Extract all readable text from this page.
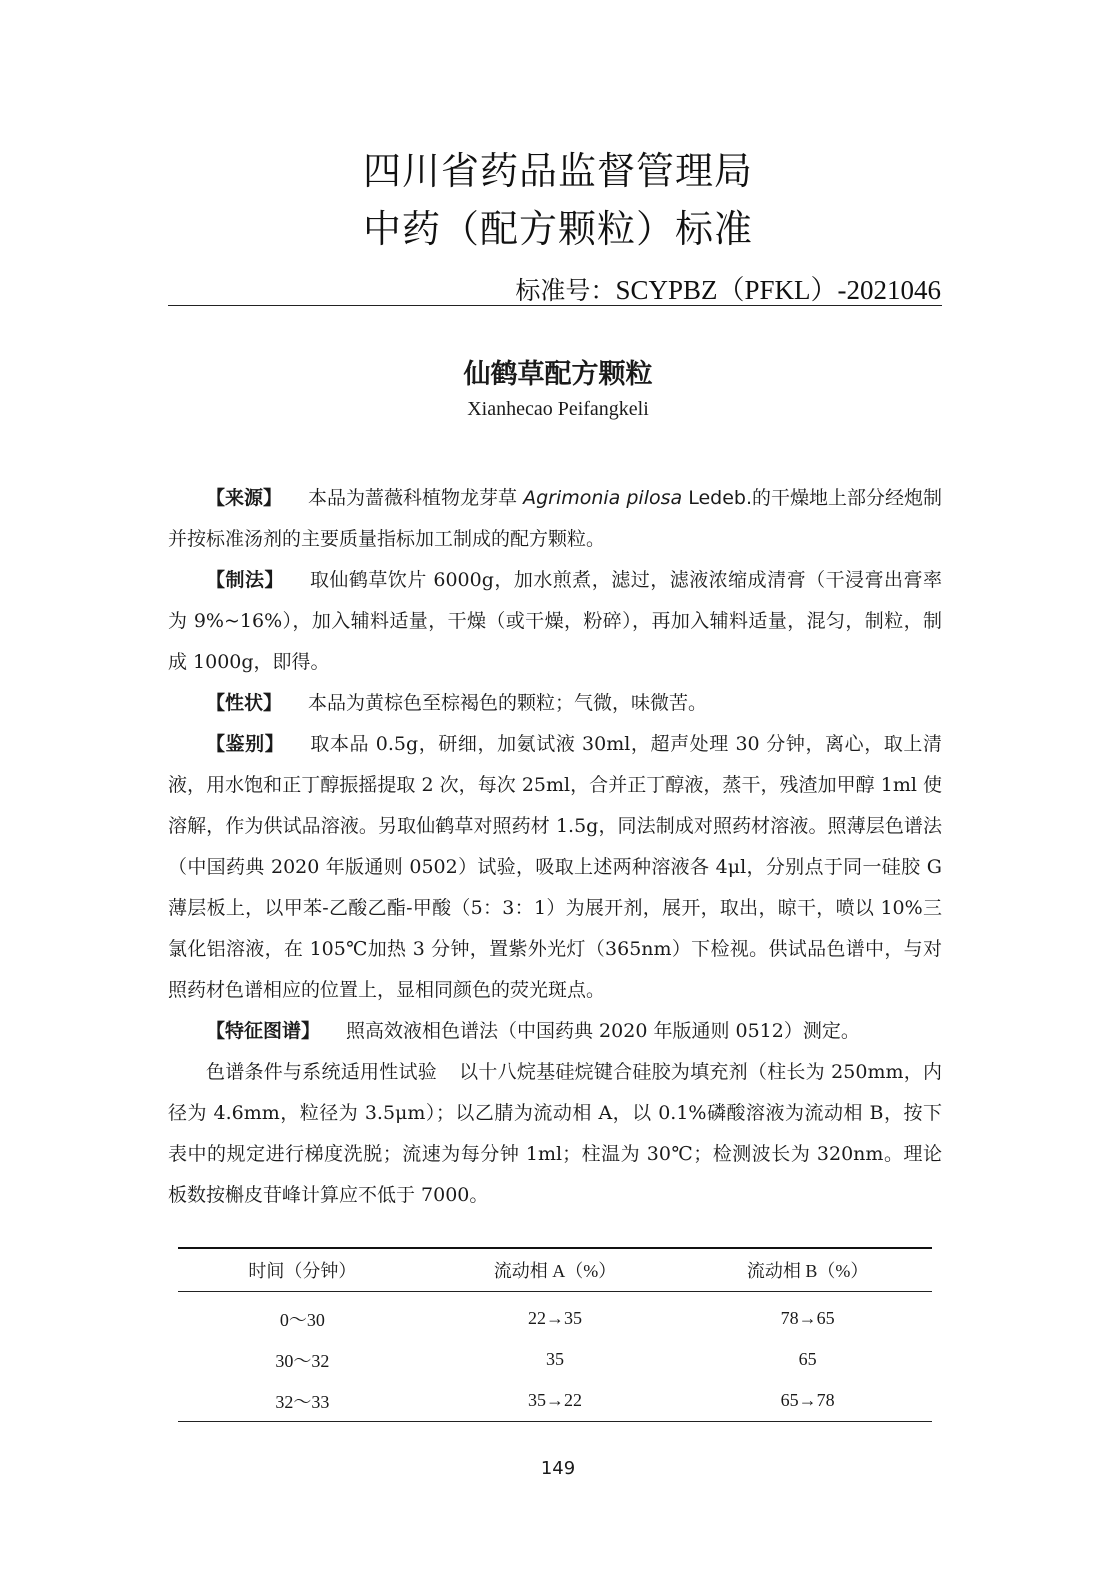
四川省药品监督管理局
中药（配方颗粒）标准
标准号：SCYPBZ（PFKL）-2021046
仙鹤草配方颗粒
Xianhecao Peifangkeli

【来源】 本品为蔷薇科植物龙芽草 Agrimonia pilosa Ledeb.的干燥地上部分经炮制并按标准汤剂的主要质量指标加工制成的配方颗粒。

【制法】 取仙鹤草饮片 6000g，加水煎煮，滤过，滤液浓缩成清膏（干浸膏出膏率为 9%~16%），加入辅料适量，干燥（或干燥，粉碎），再加入辅料适量，混匀，制粒，制成 1000g，即得。

【性状】 本品为黄棕色至棕褐色的颗粒；气微，味微苦。

【鉴别】 取本品 0.5g，研细，加氨试液 30ml，超声处理 30 分钟，离心，取上清液，用水饱和正丁醇振摇提取 2 次，每次 25ml，合并正丁醇液，蒸干，残渣加甲醇 1ml 使溶解，作为供试品溶液。另取仙鹤草对照药材 1.5g，同法制成对照药材溶液。照薄层色谱法（中国药典 2020 年版通则 0502）试验，吸取上述两种溶液各 4μl，分别点于同一硅胶 G 薄层板上，以甲苯-乙酸乙酯-甲酸（5：3：1）为展开剂，展开，取出，晾干，喷以 10%三氯化铝溶液，在 105℃加热 3 分钟，置紫外光灯（365nm）下检视。供试品色谱中，与对照药材色谱相应的位置上，显相同颜色的荧光斑点。

【特征图谱】 照高效液相色谱法（中国药典 2020 年版通则 0512）测定。

色谱条件与系统适用性试验 以十八烷基硅烷键合硅胶为填充剂（柱长为 250mm，内径为 4.6mm，粒径为 3.5μm）；以乙腈为流动相 A，以 0.1%磷酸溶液为流动相 B，按下表中的规定进行梯度洗脱；流速为每分钟 1ml；柱温为 30℃；检测波长为 320nm。理论板数按槲皮苷峰计算应不低于 7000。

时间（分钟）	流动相 A（%）	流动相 B（%）
0～30	22→35	78→65
30～32	35	65
32～33	35→22	65→78
149
